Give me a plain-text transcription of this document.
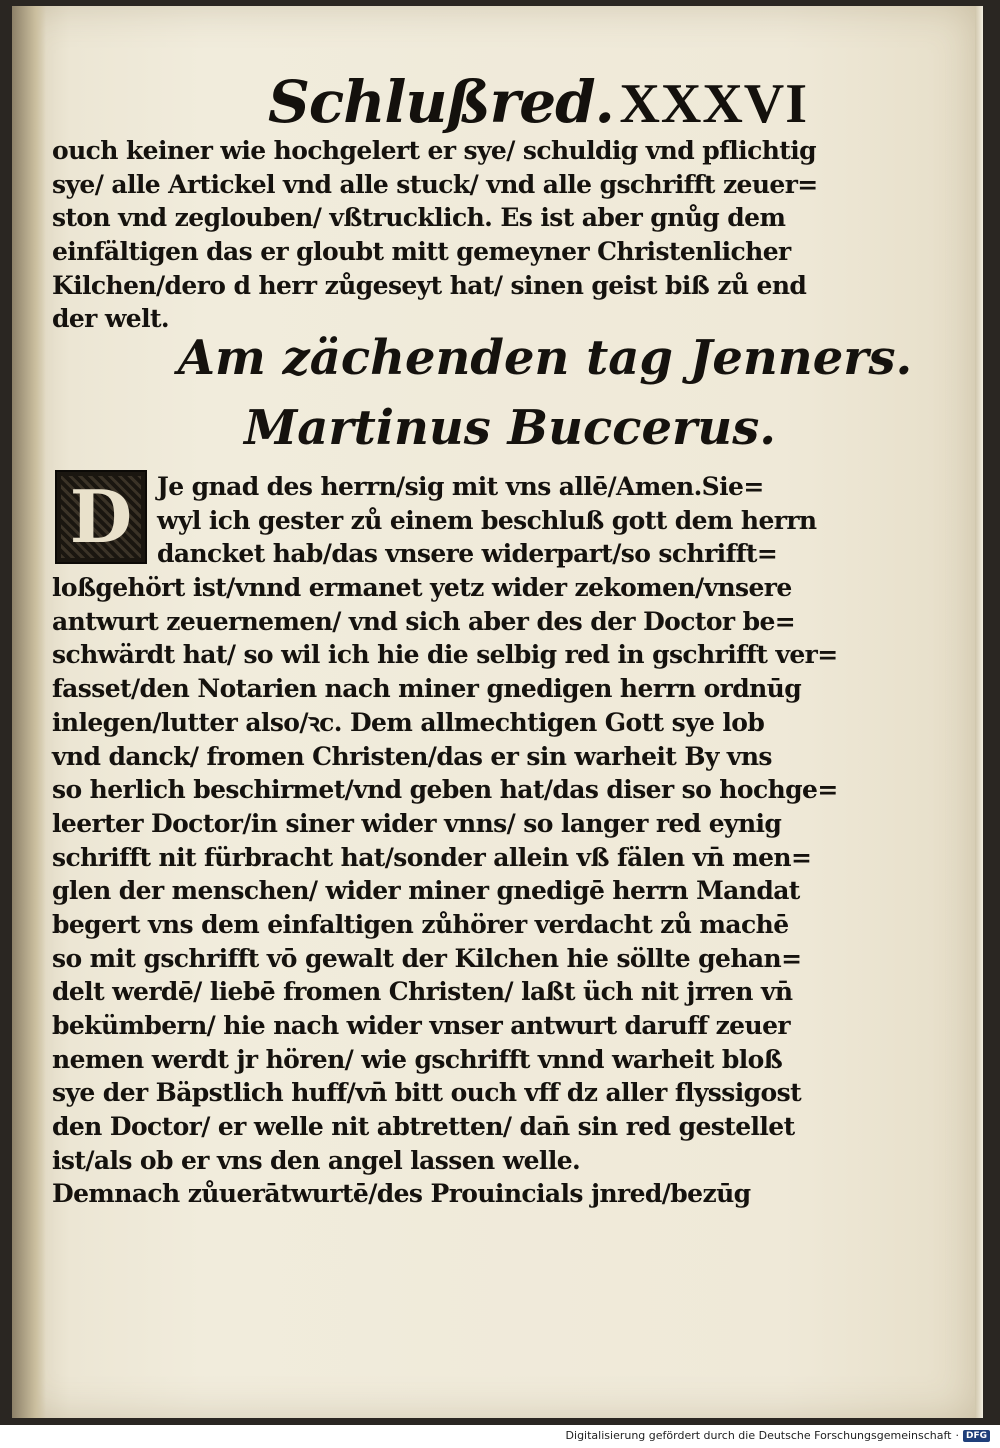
Schlußred. XXXVI
ouch keiner wie hochgelert er sye/ schuldig vnd pflichtig
sye/ alle Artickel vnd alle stuck/ vnd alle gschrifft zeuer=
ston vnd zeglouben/ vßtrucklich. Es ist aber gnůg dem
einfältigen das er gloubt mitt gemeyner Christenlicher
Kilchen/dero d herr zůgeseyt hat/ sinen geist biß zů end
der welt.
Am zächenden tag Jenners.
Martinus Buccerus.
D Je gnad des herrn/sig mit vns allē/Amen.Sie=
wyl ich gester zů einem beschluß gott dem herrn
dancket hab/das vnsere widerpart/so schrifft=
loßgehört ist/vnnd ermanet yetz wider zekomen/vnsere
antwurt zeuernemen/ vnd sich aber des der Doctor be=
schwärdt hat/ so wil ich hie die selbig red in gschrifft ver=
fasset/den Notarien nach miner gnedigen herrn ordnūg
inlegen/lutter also/ꝛc. Dem allmechtigen Gott sye lob
vnd danck/ fromen Christen/das er sin warheit By vns
so herlich beschirmet/vnd geben hat/das diser so hochge=
leerter Doctor/in siner wider vnns/ so langer red eynig
schrifft nit fürbracht hat/sonder allein vß fälen vn̄ men=
glen der menschen/ wider miner gnedigē herrn Mandat
begert vns dem einfaltigen zůhörer verdacht zů machē
so mit gschrifft vō gewalt der Kilchen hie söllte gehan=
delt werdē/ liebē fromen Christen/ laßt üch nit jrren vn̄
bekümbern/ hie nach wider vnser antwurt daruff zeuer
nemen werdt jr hören/ wie gschrifft vnnd warheit bloß
sye der Bäpstlich huff/vn̄ bitt ouch vff dz aller flyssigost
den Doctor/ er welle nit abtretten/ dan̄ sin red gestellet
ist/als ob er vns den angel lassen welle.
Demnach zůuerātwurtē/des Prouincials jnred/bezūg
Digitalisierung gefördert durch die Deutsche Forschungsgemeinschaft · DFG
